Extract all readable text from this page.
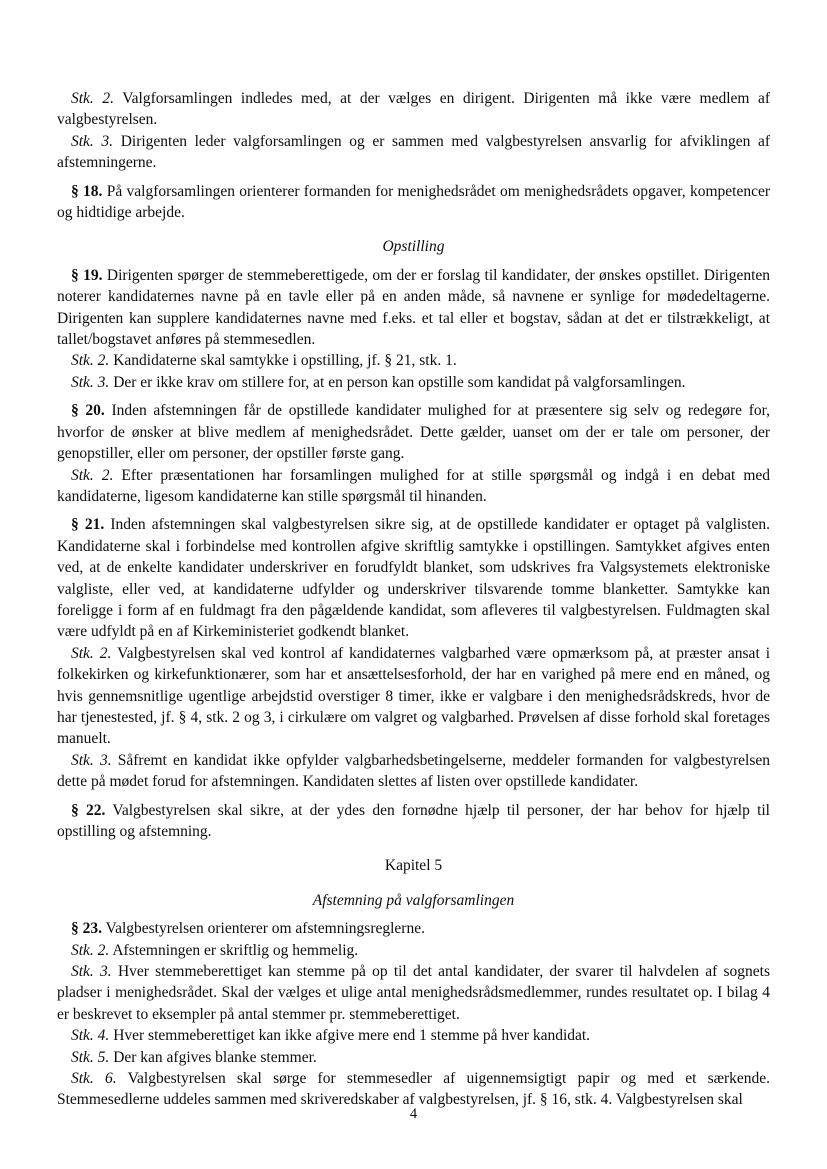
Stk. 2. Valgforsamlingen indledes med, at der vælges en dirigent. Dirigenten må ikke være medlem af valgbestyrelsen.

Stk. 3. Dirigenten leder valgforsamlingen og er sammen med valgbestyrelsen ansvarlig for afviklingen af afstemningerne.

§ 18. På valgforsamlingen orienterer formanden for menighedsrådet om menighedsrådets opgaver, kompetencer og hidtidige arbejde.

Opstilling

§ 19. Dirigenten spørger de stemmeberettigede, om der er forslag til kandidater, der ønskes opstillet. Dirigenten noterer kandidaternes navne på en tavle eller på en anden måde, så navnene er synlige for mødedeltagerne. Dirigenten kan supplere kandidaternes navne med f.eks. et tal eller et bogstav, sådan at det er tilstrækkeligt, at tallet/bogstavet anføres på stemmesedlen.

Stk. 2. Kandidaterne skal samtykke i opstilling, jf. § 21, stk. 1.

Stk. 3. Der er ikke krav om stillere for, at en person kan opstille som kandidat på valgforsamlingen.

§ 20. Inden afstemningen får de opstillede kandidater mulighed for at præsentere sig selv og redegøre for, hvorfor de ønsker at blive medlem af menighedsrådet. Dette gælder, uanset om der er tale om personer, der genopstiller, eller om personer, der opstiller første gang.

Stk. 2. Efter præsentationen har forsamlingen mulighed for at stille spørgsmål og indgå i en debat med kandidaterne, ligesom kandidaterne kan stille spørgsmål til hinanden.

§ 21. Inden afstemningen skal valgbestyrelsen sikre sig, at de opstillede kandidater er optaget på valglisten. Kandidaterne skal i forbindelse med kontrollen afgive skriftlig samtykke i opstillingen. Samtykket afgives enten ved, at de enkelte kandidater underskriver en forudfyldt blanket, som udskrives fra Valgsystemets elektroniske valgliste, eller ved, at kandidaterne udfylder og underskriver tilsvarende tomme blanketter. Samtykke kan foreligge i form af en fuldmagt fra den pågældende kandidat, som afleveres til valgbestyrelsen. Fuldmagten skal være udfyldt på en af Kirkeministeriet godkendt blanket.

Stk. 2. Valgbestyrelsen skal ved kontrol af kandidaternes valgbarhed være opmærksom på, at præster ansat i folkekirken og kirkefunktionærer, som har et ansættelsesforhold, der har en varighed på mere end en måned, og hvis gennemsnitlige ugentlige arbejdstid overstiger 8 timer, ikke er valgbare i den menighedsrådskreds, hvor de har tjenestested, jf. § 4, stk. 2 og 3, i cirkulære om valgret og valgbarhed. Prøvelsen af disse forhold skal foretages manuelt.

Stk. 3. Såfremt en kandidat ikke opfylder valgbarhedsbetingelserne, meddeler formanden for valgbestyrelsen dette på mødet forud for afstemningen. Kandidaten slettes af listen over opstillede kandidater.

§ 22. Valgbestyrelsen skal sikre, at der ydes den fornødne hjælp til personer, der har behov for hjælp til opstilling og afstemning.

Kapitel 5
Afstemning på valgforsamlingen

§ 23. Valgbestyrelsen orienterer om afstemningsreglerne.

Stk. 2. Afstemningen er skriftlig og hemmelig.

Stk. 3. Hver stemmeberettiget kan stemme på op til det antal kandidater, der svarer til halvdelen af sognets pladser i menighedsrådet. Skal der vælges et ulige antal menighedsrådsmedlemmer, rundes resultatet op. I bilag 4 er beskrevet to eksempler på antal stemmer pr. stemmeberettiget.

Stk. 4. Hver stemmeberettiget kan ikke afgive mere end 1 stemme på hver kandidat.

Stk. 5. Der kan afgives blanke stemmer.

Stk. 6. Valgbestyrelsen skal sørge for stemmesedler af uigennemsigtigt papir og med et særkende. Stemmesedlerne uddeles sammen med skriveredskaber af valgbestyrelsen, jf. § 16, stk. 4. Valgbestyrelsen skal

4
